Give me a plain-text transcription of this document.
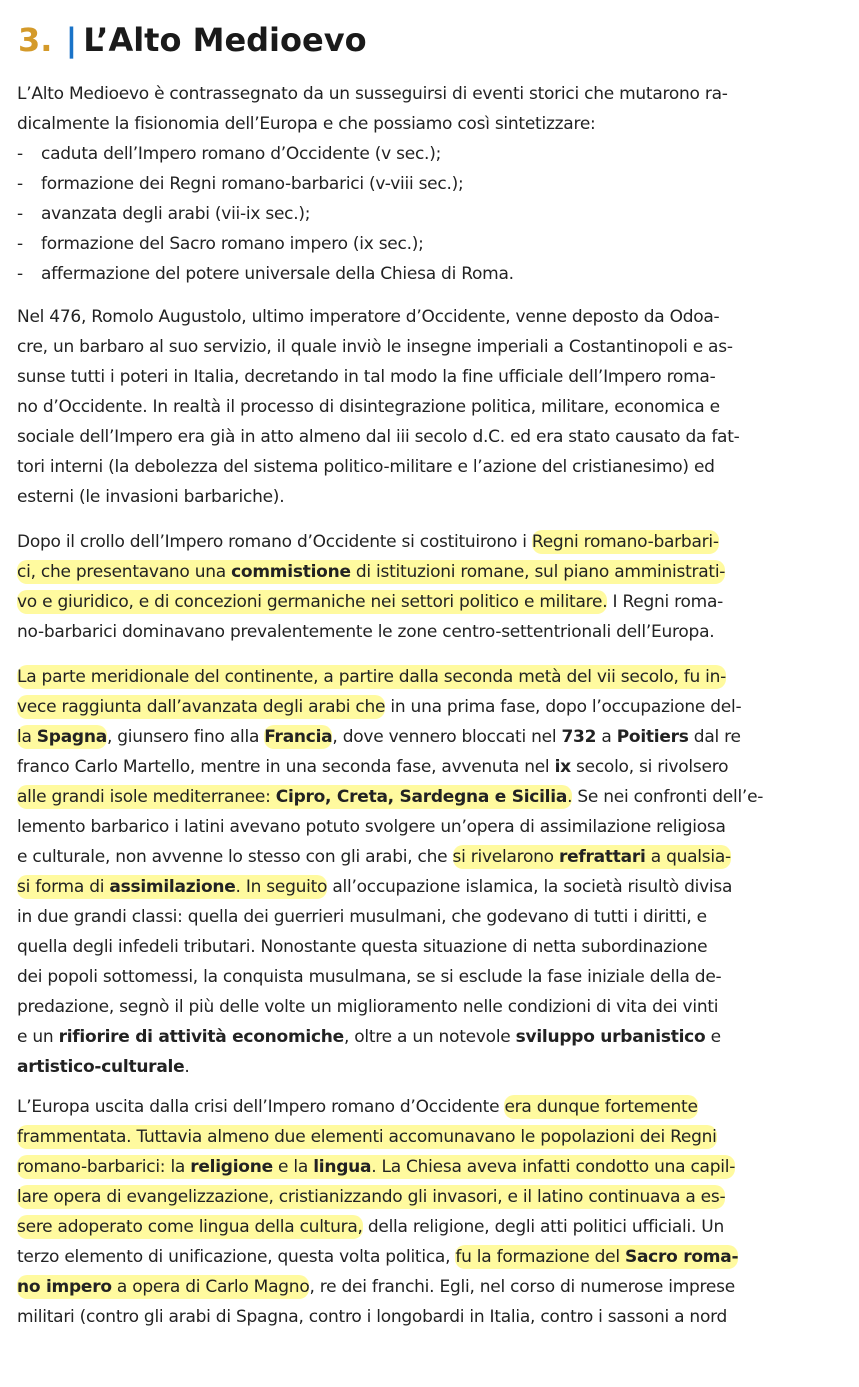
3. | L’Alto Medioevo
L’Alto Medioevo è contrassegnato da un susseguirsi di eventi storici che mutarono ra-
dicalmente la fisionomia dell’Europa e che possiamo così sintetizzare:
- caduta dell’Impero romano d’Occidente (v sec.);
- formazione dei Regni romano-barbarici (v-viii sec.);
- avanzata degli arabi (vii-ix sec.);
- formazione del Sacro romano impero (ix sec.);
- affermazione del potere universale della Chiesa di Roma.
Nel 476, Romolo Augustolo, ultimo imperatore d’Occidente, venne deposto da Odoa-
cre, un barbaro al suo servizio, il quale inviò le insegne imperiali a Costantinopoli e as-
sunse tutti i poteri in Italia, decretando in tal modo la fine ufficiale dell’Impero roma-
no d’Occidente. In realtà il processo di disintegrazione politica, militare, economica e
sociale dell’Impero era già in atto almeno dal iii secolo d.C. ed era stato causato da fat-
tori interni (la debolezza del sistema politico-militare e l’azione del cristianesimo) ed
esterni (le invasioni barbariche).
Dopo il crollo dell’Impero romano d’Occidente si costituirono i Regni romano-barbari-
ci, che presentavano una commistione di istituzioni romane, sul piano amministrati-
vo e giuridico, e di concezioni germaniche nei settori politico e militare. I Regni roma-
no-barbarici dominavano prevalentemente le zone centro-settentrionali dell’Europa.
La parte meridionale del continente, a partire dalla seconda metà del vii secolo, fu in-
vece raggiunta dall’avanzata degli arabi che in una prima fase, dopo l’occupazione del-
la Spagna, giunsero fino alla Francia, dove vennero bloccati nel 732 a Poitiers dal re
franco Carlo Martello, mentre in una seconda fase, avvenuta nel ix secolo, si rivolsero
alle grandi isole mediterranee: Cipro, Creta, Sardegna e Sicilia. Se nei confronti dell’e-
lemento barbarico i latini avevano potuto svolgere un’opera di assimilazione religiosa
e culturale, non avvenne lo stesso con gli arabi, che si rivelarono refrattari a qualsia-
si forma di assimilazione. In seguito all’occupazione islamica, la società risultò divisa
in due grandi classi: quella dei guerrieri musulmani, che godevano di tutti i diritti, e
quella degli infedeli tributari. Nonostante questa situazione di netta subordinazione
dei popoli sottomessi, la conquista musulmana, se si esclude la fase iniziale della de-
predazione, segnò il più delle volte un miglioramento nelle condizioni di vita dei vinti
e un rifiorire di attività economiche, oltre a un notevole sviluppo urbanistico e
artistico-culturale.
L’Europa uscita dalla crisi dell’Impero romano d’Occidente era dunque fortemente
frammentata. Tuttavia almeno due elementi accomunavano le popolazioni dei Regni
romano-barbarici: la religione e la lingua. La Chiesa aveva infatti condotto una capil-
lare opera di evangelizzazione, cristianizzando gli invasori, e il latino continuava a es-
sere adoperato come lingua della cultura, della religione, degli atti politici ufficiali. Un
terzo elemento di unificazione, questa volta politica, fu la formazione del Sacro roma-
no impero a opera di Carlo Magno, re dei franchi. Egli, nel corso di numerose imprese
militari (contro gli arabi di Spagna, contro i longobardi in Italia, contro i sassoni a nord
